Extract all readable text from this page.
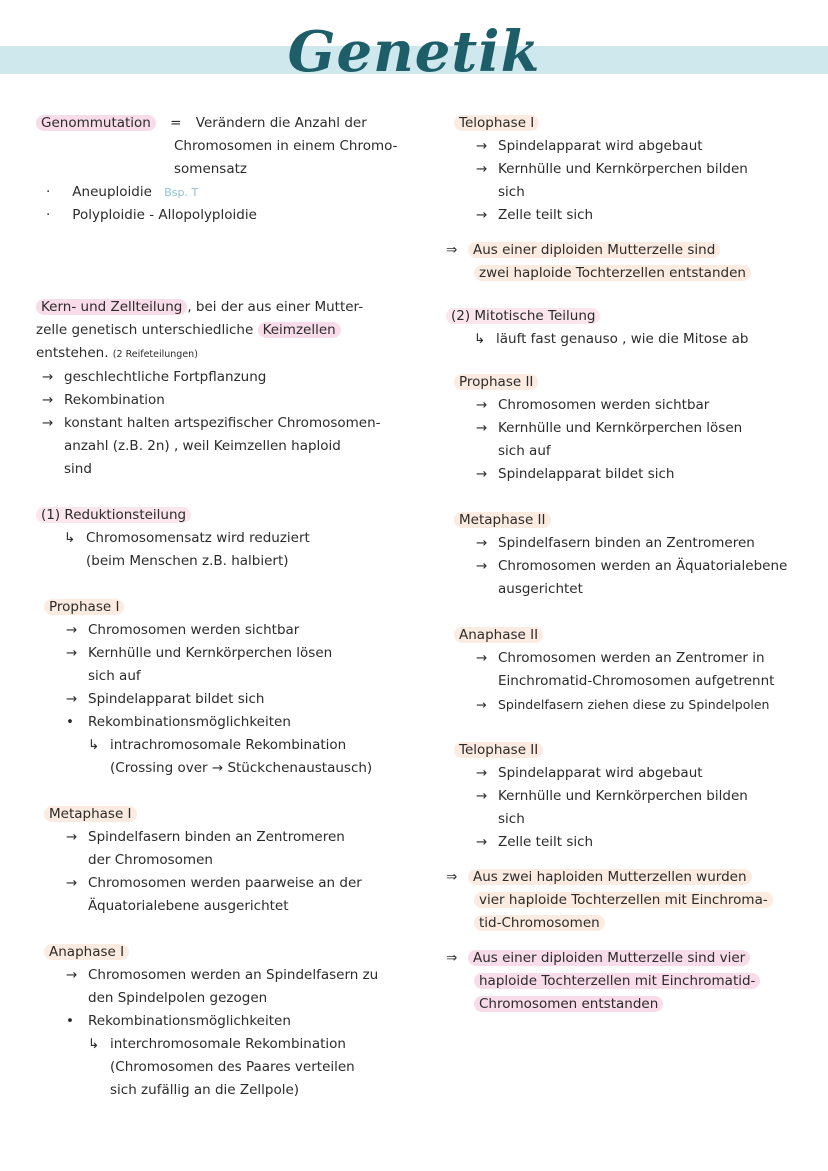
Genetik
Genommutation = Verändern die Anzahl der
Chromosomen in einem Chromo-
somensatz
· Aneuploidie Bsp. T
· Polyploidie - Allopolyploidie
Kern- und Zellteilung , bei der aus einer Mutter-
zelle genetisch unterschiedliche Keimzellen
entstehen. (2 Reifeteilungen)
→ geschlechtliche Fortpflanzung
→ Rekombination
→ konstant halten artspezifischer Chromosomen-
anzahl (z.B. 2n) , weil Keimzellen haploid
sind
(1) Reduktionsteilung
↳ Chromosomensatz wird reduziert
(beim Menschen z.B. halbiert)
Prophase I
→ Chromosomen werden sichtbar
→ Kernhülle und Kernkörperchen lösen
sich auf
→ Spindelapparat bildet sich
• Rekombinationsmöglichkeiten
↳ intrachromosomale Rekombination
(Crossing over → Stückchenaustausch)
Metaphase I
→ Spindelfasern binden an Zentromeren
der Chromosomen
→ Chromosomen werden paarweise an der
Äquatorialebene ausgerichtet
Anaphase I
→ Chromosomen werden an Spindelfasern zu
den Spindelpolen gezogen
• Rekombinationsmöglichkeiten
↳ interchromosomale Rekombination
(Chromosomen des Paares verteilen
sich zufällig an die Zellpole)
Telophase I
→ Spindelapparat wird abgebaut
→ Kernhülle und Kernkörperchen bilden
sich
→ Zelle teilt sich
⇒ Aus einer diploiden Mutterzelle sind
zwei haploide Tochterzellen entstanden
(2) Mitotische Teilung
↳ läuft fast genauso , wie die Mitose ab
Prophase II
→ Chromosomen werden sichtbar
→ Kernhülle und Kernkörperchen lösen
sich auf
→ Spindelapparat bildet sich
Metaphase II
→ Spindelfasern binden an Zentromeren
→ Chromosomen werden an Äquatorialebene
ausgerichtet
Anaphase II
→ Chromosomen werden an Zentromer in
Einchromatid-Chromosomen aufgetrennt
→ Spindelfasern ziehen diese zu Spindelpolen
Telophase II
→ Spindelapparat wird abgebaut
→ Kernhülle und Kernkörperchen bilden
sich
→ Zelle teilt sich
⇒ Aus zwei haploiden Mutterzellen wurden
vier haploide Tochterzellen mit Einchroma-
tid-Chromosomen
⇒ Aus einer diploiden Mutterzelle sind vier
haploide Tochterzellen mit Einchromatid-
Chromosomen entstanden
